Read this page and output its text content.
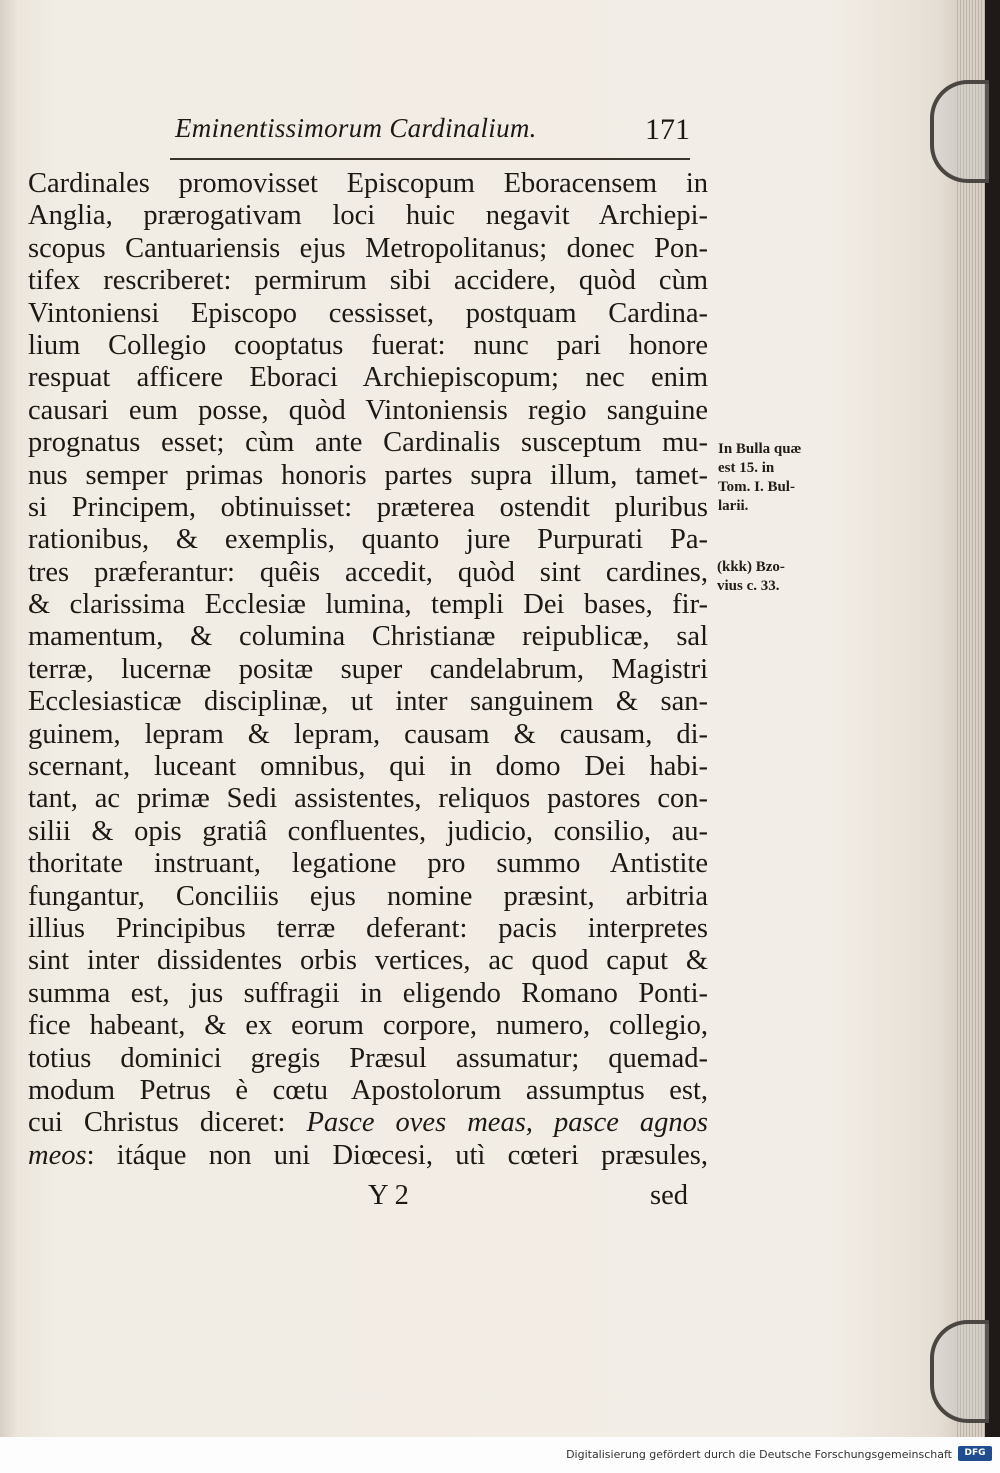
Eminentissimorum Cardinalium.	171
Cardinales promovisset Episcopum Eboracensem in
Anglia, prærogativam loci huic negavit Archiepi-
scopus Cantuariensis ejus Metropolitanus; donec Pon-
tifex rescriberet: permirum sibi accidere, quòd cùm
Vintoniensi Episcopo cessisset, postquam Cardina-
lium Collegio cooptatus fuerat: nunc pari honore
respuat afficere Eboraci Archiepiscopum; nec enim
causari eum posse, quòd Vintoniensis regio sanguine
prognatus esset; cùm ante Cardinalis susceptum mu-
nus semper primas honoris partes supra illum, tamet-
si Principem, obtinuisset: præterea ostendit pluribus
rationibus, & exemplis, quanto jure Purpurati Pa-
tres præferantur: quêis accedit, quòd sint cardines,
& clarissima Ecclesiæ lumina, templi Dei bases, fir-
mamentum, & columina Christianæ reipublicæ, sal
terræ, lucernæ positæ super candelabrum, Magistri
Ecclesiasticæ disciplinæ, ut inter sanguinem & san-
guinem, lepram & lepram, causam & causam, di-
scernant, luceant omnibus, qui in domo Dei habi-
tant, ac primæ Sedi assistentes, reliquos pastores con-
silii & opis gratiâ confluentes, judicio, consilio, au-
thoritate instruant, legatione pro summo Antistite
fungantur, Conciliis ejus nomine præsint, arbitria
illius Principibus terræ deferant: pacis interpretes
sint inter dissidentes orbis vertices, ac quod caput &
summa est, jus suffragii in eligendo Romano Ponti-
fice habeant, & ex eorum corpore, numero, collegio,
totius dominici gregis Præsul assumatur; quemad-
modum Petrus è cœtu Apostolorum assumptus est,
cui Christus diceret: Pasce oves meas, pasce agnos
meos: itáque non uni Diœcesi, utì cœteri præsules,
Y 2	sed
In Bulla quæ
est 15. in
Tom. I. Bul-
larii.
(kkk) Bzo-
vius c. 33.
Digitalisierung gefördert durch die Deutsche Forschungsgemeinschaft	DFG
